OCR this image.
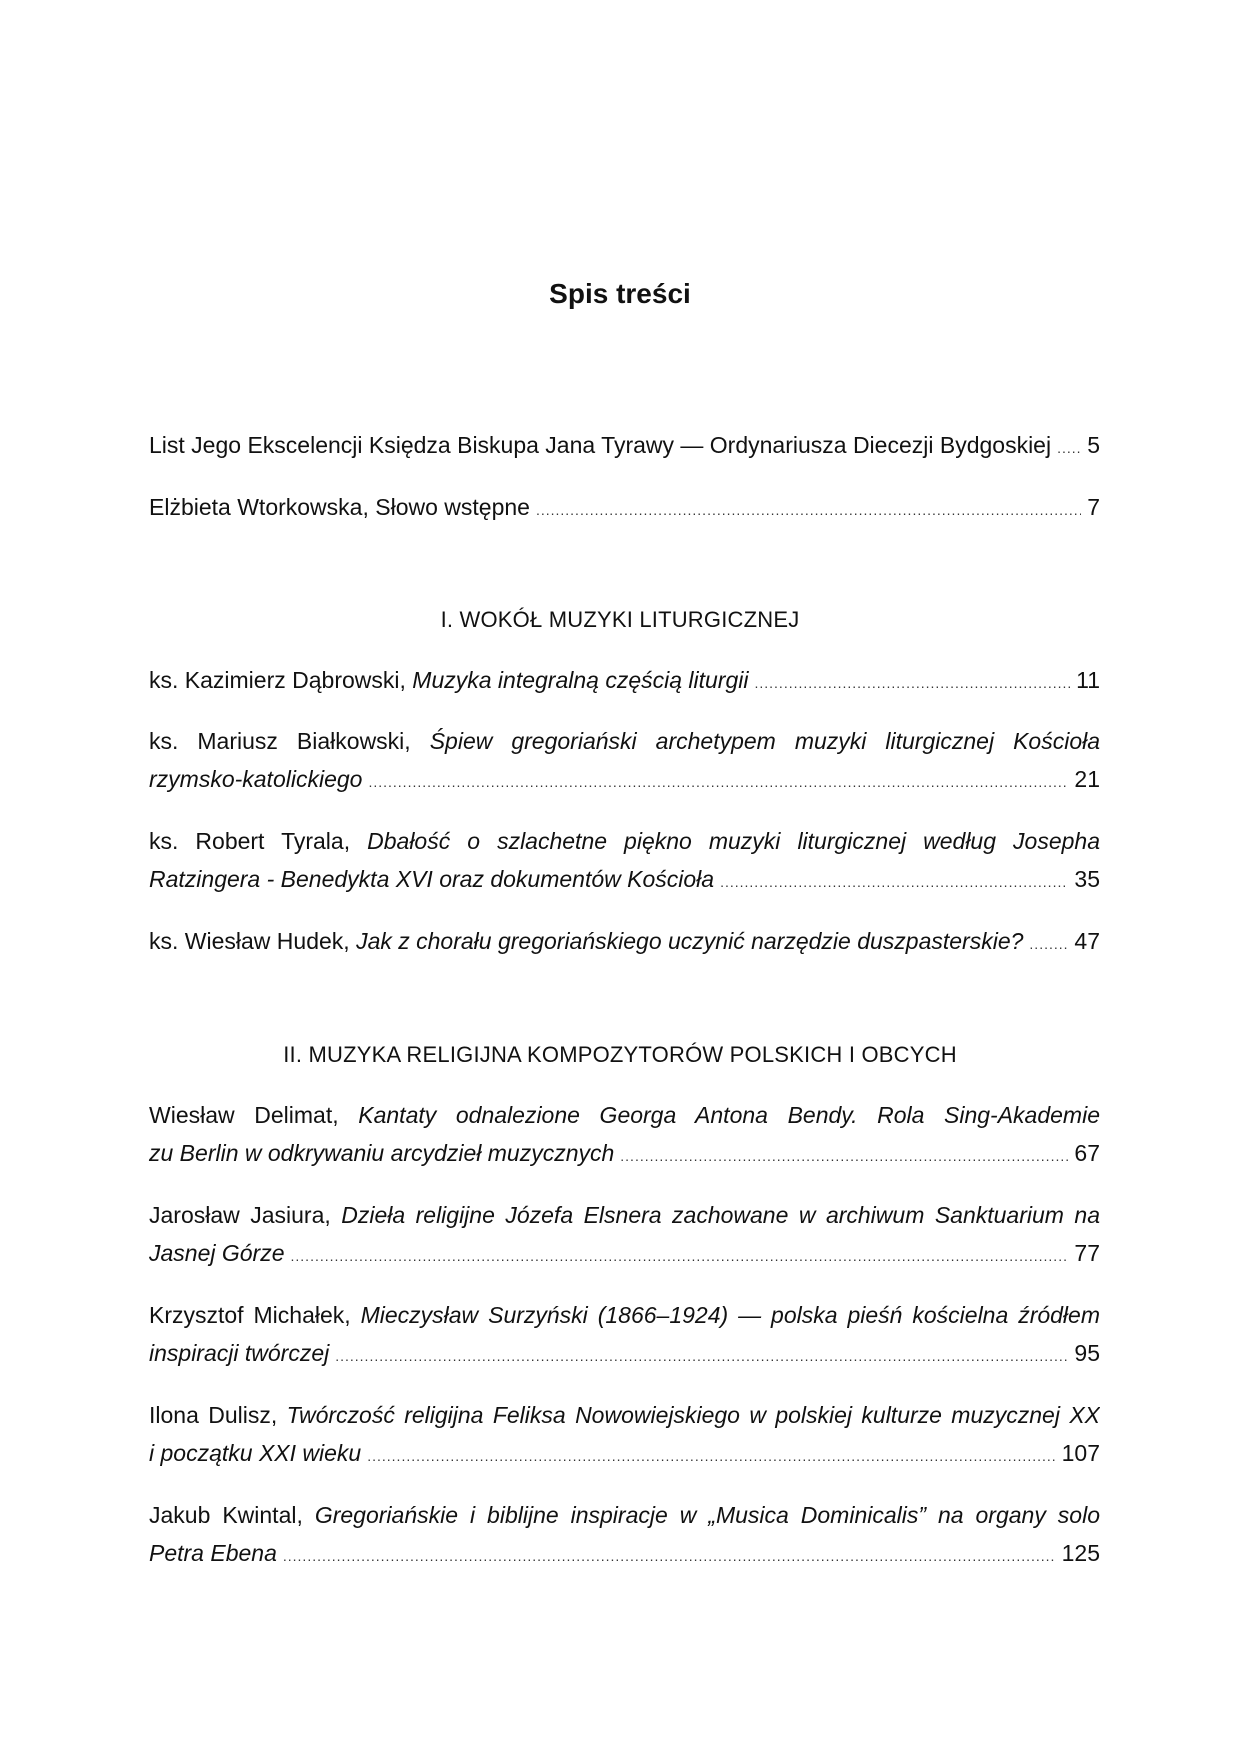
Spis treści
List Jego Ekscelencji Księdza Biskupa Jana Tyrawy — Ordynariusza Diecezji Bydgoskiej ..... 5
Elżbieta Wtorkowska, Słowo wstępne .....	7
ks. Kazimierz Dąbrowski, Muzyka integralną częścią liturgii .....	11
ks. Mariusz Białkowski, Śpiew gregoriański archetypem muzyki liturgicznej Kościoła
rzymsko-katolickiego .....	21
ks. Robert Tyrala, Dbałość o szlachetne piękno muzyki liturgicznej według Josepha
Ratzingera - Benedykta XVI oraz dokumentów Kościoła .....	35
ks. Wiesław Hudek, Jak z chorału gregoriańskiego uczynić narzędzie duszpasterskie? ..... 47
Wiesław Delimat, Kantaty odnalezione Georga Antona Bendy. Rola Sing-Akademie
zu Berlin w odkrywaniu arcydzieł muzycznych .....	67
Jarosław Jasiura, Dzieła religijne Józefa Elsnera zachowane w archiwum Sanktuarium na
Jasnej Górze .....	77
Krzysztof Michałek, Mieczysław Surzyński (1866–1924) — polska pieśń kościelna źródłem
inspiracji twórczej .....	95
Ilona Dulisz, Twórczość religijna Feliksa Nowowiejskiego w polskiej kulturze muzycznej XX
i początku XXI wieku .....	107
Jakub Kwintal, Gregoriańskie i biblijne inspiracje w „Musica Dominicalis” na organy solo
Petra Ebena .....	125
I. WOKÓŁ MUZYKI LITURGICZNEJ
II. MUZYKA RELIGIJNA KOMPOZYTORÓW POLSKICH I OBCYCH
